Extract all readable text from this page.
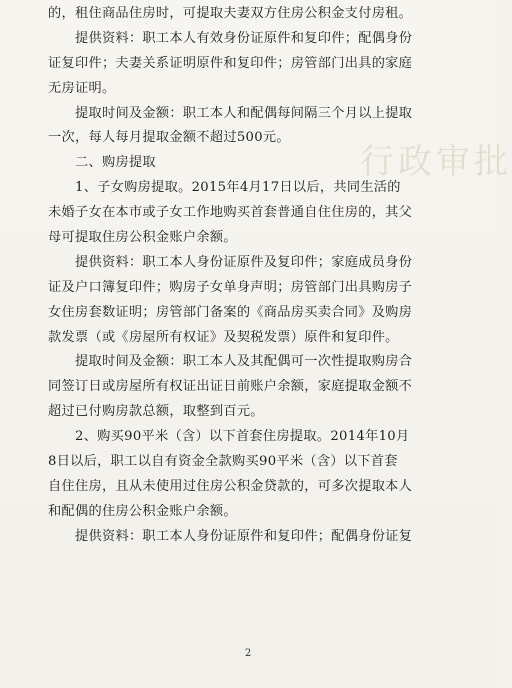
行政审批
的，租住商品住房时，可提取夫妻双方住房公积金支付房租。
提供资料：职工本人有效身份证原件和复印件；配偶身份
证复印件；夫妻关系证明原件和复印件；房管部门出具的家庭
无房证明。
提取时间及金额：职工本人和配偶每间隔三个月以上提取
一次，每人每月提取金额不超过500元。
二、购房提取
1、子女购房提取。2015年4月17日以后，共同生活的
未婚子女在本市或子女工作地购买首套普通自住住房的，其父
母可提取住房公积金账户余额。
提供资料：职工本人身份证原件及复印件；家庭成员身份
证及户口簿复印件；购房子女单身声明；房管部门出具购房子
女住房套数证明；房管部门备案的《商品房买卖合同》及购房
款发票（或《房屋所有权证》及契税发票）原件和复印件。
提取时间及金额：职工本人及其配偶可一次性提取购房合
同签订日或房屋所有权证出证日前账户余额，家庭提取金额不
超过已付购房款总额，取整到百元。
2、购买90平米（含）以下首套住房提取。2014年10月
8日以后，职工以自有资金全款购买90平米（含）以下首套
自住住房，且从未使用过住房公积金贷款的，可多次提取本人
和配偶的住房公积金账户余额。
提供资料：职工本人身份证原件和复印件；配偶身份证复
2
